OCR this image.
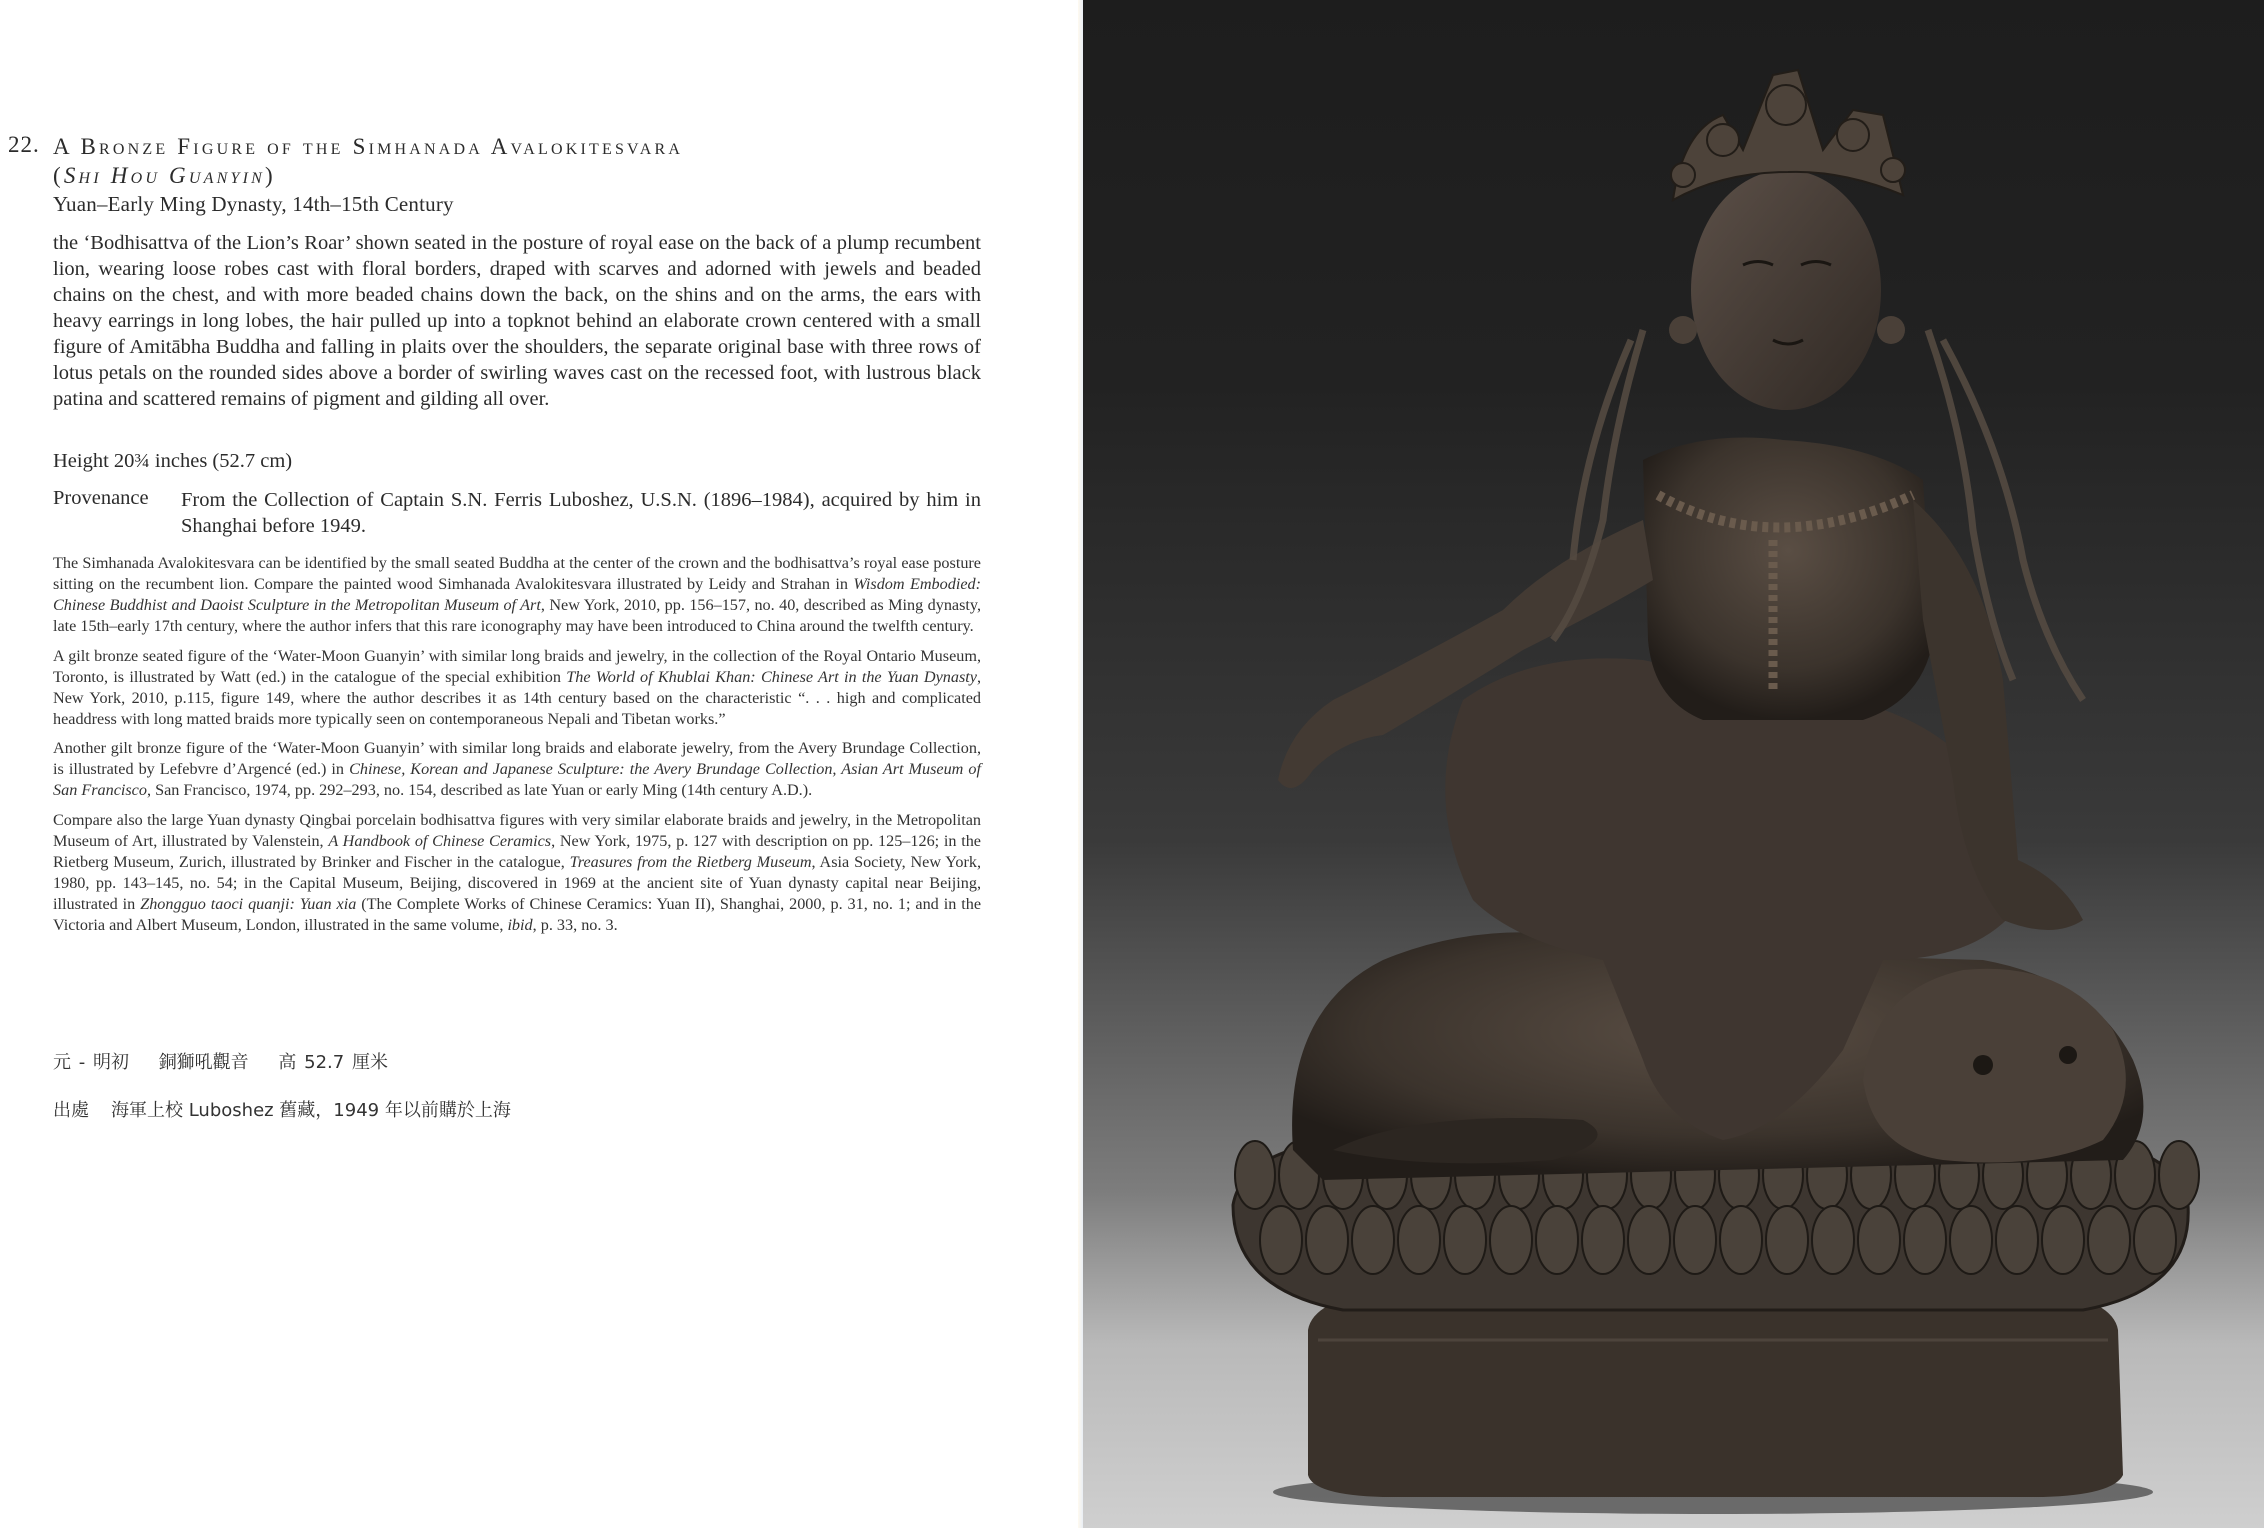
22. A Bronze Figure of the Simhanada Avalokitesvara
(Shi Hou Guanyin)
Yuan–Early Ming Dynasty, 14th–15th Century
the ‘Bodhisattva of the Lion’s Roar’ shown seated in the posture of royal ease on the back of a plump recumbent lion, wearing loose robes cast with floral borders, draped with scarves and adorned with jewels and beaded chains on the chest, and with more beaded chains down the back, on the shins and on the arms, the ears with heavy earrings in long lobes, the hair pulled up into a topknot behind an elaborate crown centered with a small figure of Amitābha Buddha and falling in plaits over the shoulders, the separate original base with three rows of lotus petals on the rounded sides above a border of swirling waves cast on the recessed foot, with lustrous black patina and scattered remains of pigment and gilding all over.
Height 20¾ inches (52.7 cm)
Provenance From the Collection of Captain S.N. Ferris Luboshez, U.S.N. (1896–1984), acquired by him in Shanghai before 1949.

The Simhanada Avalokitesvara can be identified by the small seated Buddha at the center of the crown and the bodhisattva’s royal ease posture sitting on the recumbent lion. Compare the painted wood Simhanada Avalokitesvara illustrated by Leidy and Strahan in Wisdom Embodied: Chinese Buddhist and Daoist Sculpture in the Metropolitan Museum of Art, New York, 2010, pp. 156–157, no. 40, described as Ming dynasty, late 15th–early 17th century, where the author infers that this rare iconography may have been introduced to China around the twelfth century.

A gilt bronze seated figure of the ‘Water-Moon Guanyin’ with similar long braids and jewelry, in the collection of the Royal Ontario Museum, Toronto, is illustrated by Watt (ed.) in the catalogue of the special exhibition The World of Khublai Khan: Chinese Art in the Yuan Dynasty, New York, 2010, p.115, figure 149, where the author describes it as 14th century based on the characteristic “. . . high and complicated headdress with long matted braids more typically seen on contemporaneous Nepali and Tibetan works.”

Another gilt bronze figure of the ‘Water-Moon Guanyin’ with similar long braids and elaborate jewelry, from the Avery Brundage Collection, is illustrated by Lefebvre d’Argencé (ed.) in Chinese, Korean and Japanese Sculpture: the Avery Brundage Collection, Asian Art Museum of San Francisco, San Francisco, 1974, pp. 292–293, no. 154, described as late Yuan or early Ming (14th century A.D.).

Compare also the large Yuan dynasty Qingbai porcelain bodhisattva figures with very similar elaborate braids and jewelry, in the Metropolitan Museum of Art, illustrated by Valenstein, A Handbook of Chinese Ceramics, New York, 1975, p. 127 with description on pp. 125–126; in the Rietberg Museum, Zurich, illustrated by Brinker and Fischer in the catalogue, Treasures from the Rietberg Museum, Asia Society, New York, 1980, pp. 143–145, no. 54; in the Capital Museum, Beijing, discovered in 1969 at the ancient site of Yuan dynasty capital near Beijing, illustrated in Zhongguo taoci quanji: Yuan xia (The Complete Works of Chinese Ceramics: Yuan II), Shanghai, 2000, p. 31, no. 1; and in the Victoria and Albert Museum, London, illustrated in the same volume, ibid, p. 33, no. 3.

元 - 明初 銅獅吼觀音 高 52.7 厘米
出處 海軍上校 Luboshez 舊藏，1949 年以前購於上海
